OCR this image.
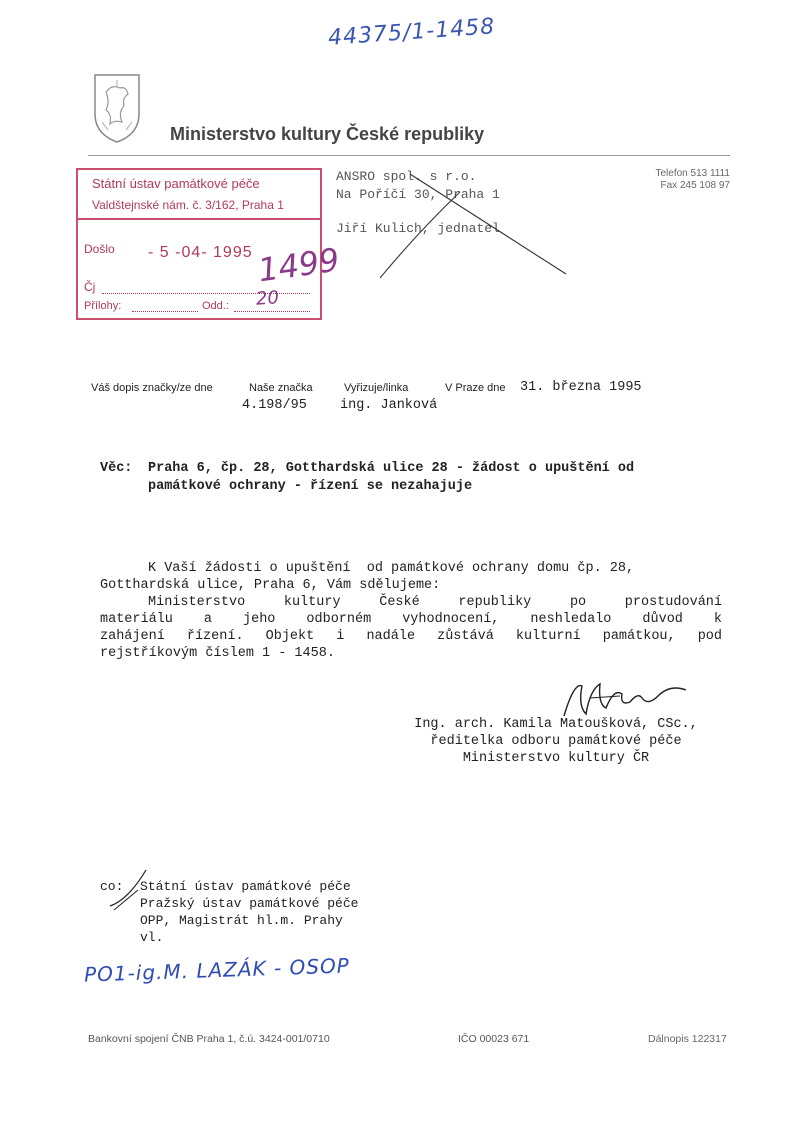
44375/1-1458
Ministerstvo kultury České republiky
Státní ústav památkové péče
Valdštejnské nám. č. 3/162, Praha 1
Došlo - 5 -04- 1995 1499
Čj
Přílohy:	Odd.: 20
ANSRO spol. s r.o.
Na Poříčí 30, Praha 1
Jiří Kulich, jednatel
Telefon 513 1111
Fax 245 108 97
Váš dopis značky/ze dne	Naše značka	Vyřizuje/linka	V Praze dne 31. března 1995
4.198/95 ing. Janková
Věc: Praha 6, čp. 28, Gotthardská ulice 28 - žádost o upuštění od
památkové ochrany - řízení se nezahajuje
K Vaší žádosti o upuštění  od památkové ochrany domu čp. 28,
Gotthardská ulice, Praha 6, Vám sdělujeme:
Ministerstvo	kultury	České	republiky	po	prostudování
materiálu a jeho odborném vyhodnocení, neshledalo důvod k
zahájení řízení. Objekt i nadále zůstává kulturní památkou, pod
rejstříkovým číslem 1 - 1458.
Ing. arch. Kamila Matoušková, CSc.,
ředitelka odboru památkové péče
Ministerstvo kultury ČR
co:	Státní ústav památkové péče
Pražský ústav památkové péče
OPP, Magistrát hl.m. Prahy
vl.
PO1-ig.M. LAZÁK - OSOP
Bankovní spojení ČNB Praha 1, č.ú. 3424-001/0710	IČO 00023 671	Dálnopis 122317
